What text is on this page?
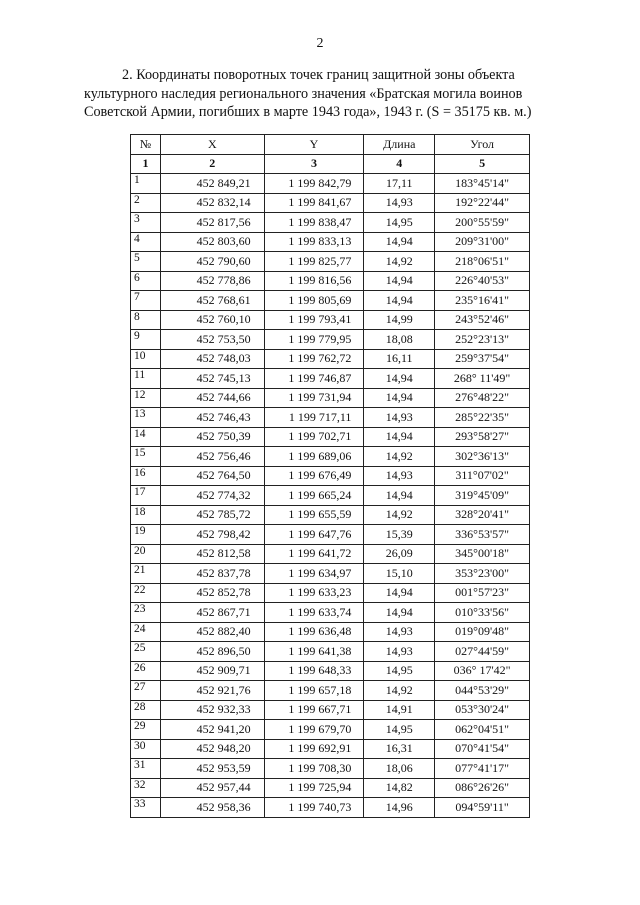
2
2. Координаты поворотных точек границ защитной зоны объекта
культурного наследия регионального значения «Братская могила воинов
Советской Армии, погибших в марте 1943 года», 1943 г. (S = 35175 кв. м.)
№	X	Y	Длина	Угол
1	2	3	4	5
1	452 849,21	1 199 842,79	17,11	183°45'14"
2	452 832,14	1 199 841,67	14,93	192°22'44"
3	452 817,56	1 199 838,47	14,95	200°55'59"
4	452 803,60	1 199 833,13	14,94	209°31'00"
5	452 790,60	1 199 825,77	14,92	218°06'51"
6	452 778,86	1 199 816,56	14,94	226°40'53"
7	452 768,61	1 199 805,69	14,94	235°16'41"
8	452 760,10	1 199 793,41	14,99	243°52'46"
9	452 753,50	1 199 779,95	18,08	252°23'13"
10	452 748,03	1 199 762,72	16,11	259°37'54"
11	452 745,13	1 199 746,87	14,94	268° 11'49"
12	452 744,66	1 199 731,94	14,94	276°48'22"
13	452 746,43	1 199 717,11	14,93	285°22'35"
14	452 750,39	1 199 702,71	14,94	293°58'27"
15	452 756,46	1 199 689,06	14,92	302°36'13"
16	452 764,50	1 199 676,49	14,93	311°07'02"
17	452 774,32	1 199 665,24	14,94	319°45'09"
18	452 785,72	1 199 655,59	14,92	328°20'41"
19	452 798,42	1 199 647,76	15,39	336°53'57"
20	452 812,58	1 199 641,72	26,09	345°00'18"
21	452 837,78	1 199 634,97	15,10	353°23'00"
22	452 852,78	1 199 633,23	14,94	001°57'23"
23	452 867,71	1 199 633,74	14,94	010°33'56"
24	452 882,40	1 199 636,48	14,93	019°09'48"
25	452 896,50	1 199 641,38	14,93	027°44'59"
26	452 909,71	1 199 648,33	14,95	036° 17'42"
27	452 921,76	1 199 657,18	14,92	044°53'29"
28	452 932,33	1 199 667,71	14,91	053°30'24"
29	452 941,20	1 199 679,70	14,95	062°04'51"
30	452 948,20	1 199 692,91	16,31	070°41'54"
31	452 953,59	1 199 708,30	18,06	077°41'17"
32	452 957,44	1 199 725,94	14,82	086°26'26"
33	452 958,36	1 199 740,73	14,96	094°59'11"
